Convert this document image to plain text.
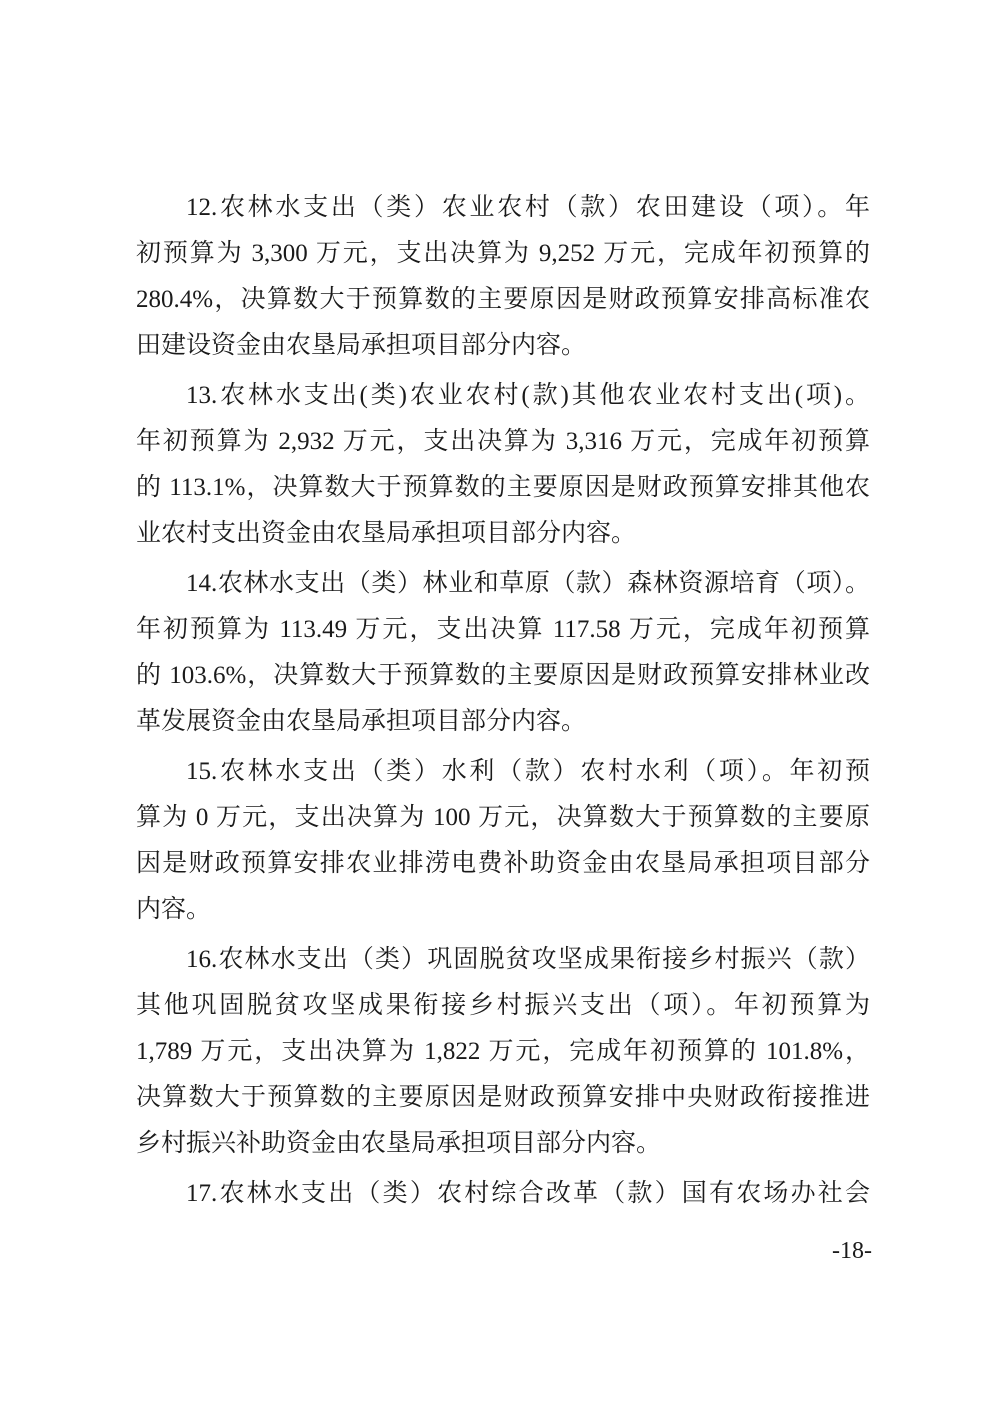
12.农林水支出（类）农业农村（款）农田建设（项）。年
初预算为 3,300 万元，支出决算为 9,252 万元，完成年初预算的
280.4%，决算数大于预算数的主要原因是财政预算安排高标准农
田建设资金由农垦局承担项目部分内容。
13.农林水支出(类)农业农村(款)其他农业农村支出(项)。
年初预算为 2,932 万元，支出决算为 3,316 万元，完成年初预算
的 113.1%，决算数大于预算数的主要原因是财政预算安排其他农
业农村支出资金由农垦局承担项目部分内容。
14.农林水支出（类）林业和草原（款）森林资源培育（项）。
年初预算为 113.49 万元，支出决算 117.58 万元，完成年初预算
的 103.6%，决算数大于预算数的主要原因是财政预算安排林业改
革发展资金由农垦局承担项目部分内容。
15.农林水支出（类）水利（款）农村水利（项）。年初预
算为 0 万元，支出决算为 100 万元，决算数大于预算数的主要原
因是财政预算安排农业排涝电费补助资金由农垦局承担项目部分
内容。
16.农林水支出（类）巩固脱贫攻坚成果衔接乡村振兴（款）
其他巩固脱贫攻坚成果衔接乡村振兴支出（项）。年初预算为
1,789 万元，支出决算为 1,822 万元，完成年初预算的 101.8%，
决算数大于预算数的主要原因是财政预算安排中央财政衔接推进
乡村振兴补助资金由农垦局承担项目部分内容。
17.农林水支出（类）农村综合改革（款）国有农场办社会
-18-
